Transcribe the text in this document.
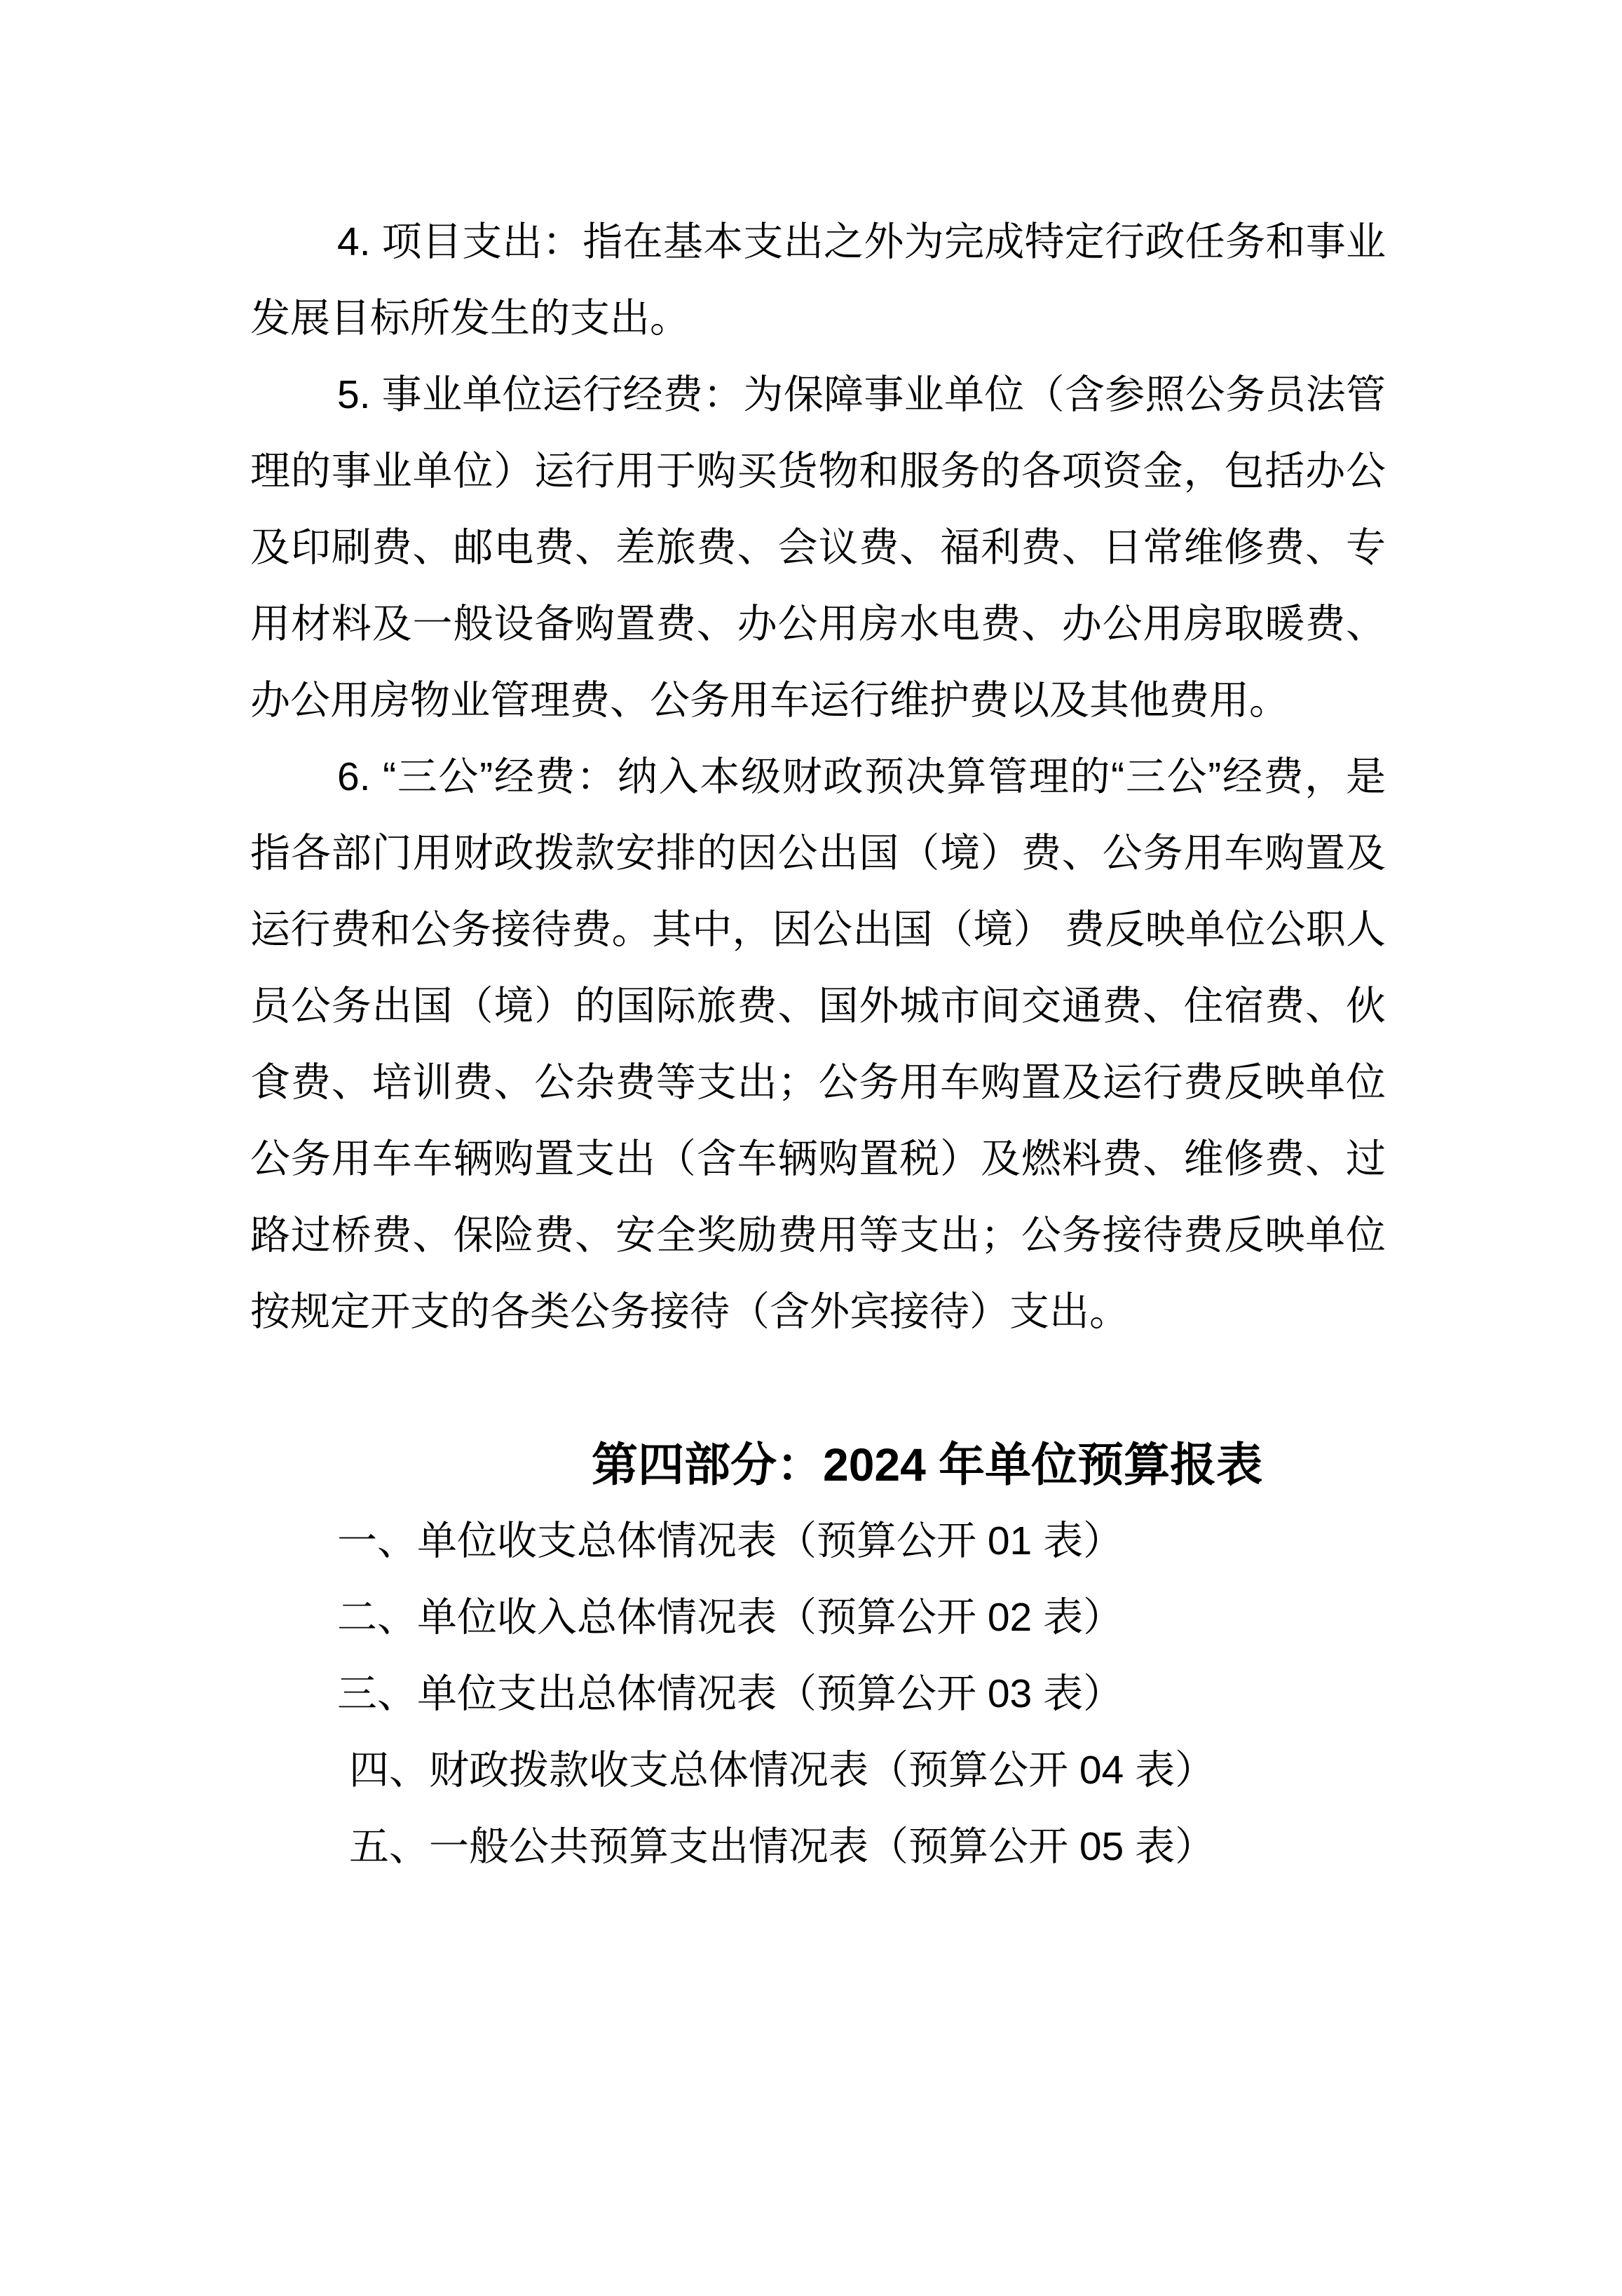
4. 项目支出：指在基本支出之外为完成特定行政任务和事业发展目标所发生的支出。

5. 事业单位运行经费：为保障事业单位（含参照公务员法管理的事业单位）运行用于购买货物和服务的各项资金，包括办公及印刷费、邮电费、差旅费、会议费、福利费、日常维修费、专用材料及一般设备购置费、办公用房水电费、办公用房取暖费、办公用房物业管理费、公务用车运行维护费以及其他费用。

6. “三公”经费：纳入本级财政预决算管理的“三公”经费，是指各部门用财政拨款安排的因公出国（境）费、公务用车购置及运行费和公务接待费。其中，因公出国（境） 费反映单位公职人员公务出国（境）的国际旅费、国外城市间交通费、住宿费、伙食费、培训费、公杂费等支出；公务用车购置及运行费反映单位公务用车车辆购置支出（含车辆购置税）及燃料费、维修费、过路过桥费、保险费、安全奖励费用等支出；公务接待费反映单位按规定开支的各类公务接待（含外宾接待）支出。

第四部分：2024 年单位预算报表
一、单位收支总体情况表（预算公开 01 表）
二、单位收入总体情况表（预算公开 02 表）
三、单位支出总体情况表（预算公开 03 表）
四、财政拨款收支总体情况表（预算公开 04 表）
五、一般公共预算支出情况表（预算公开 05 表）
